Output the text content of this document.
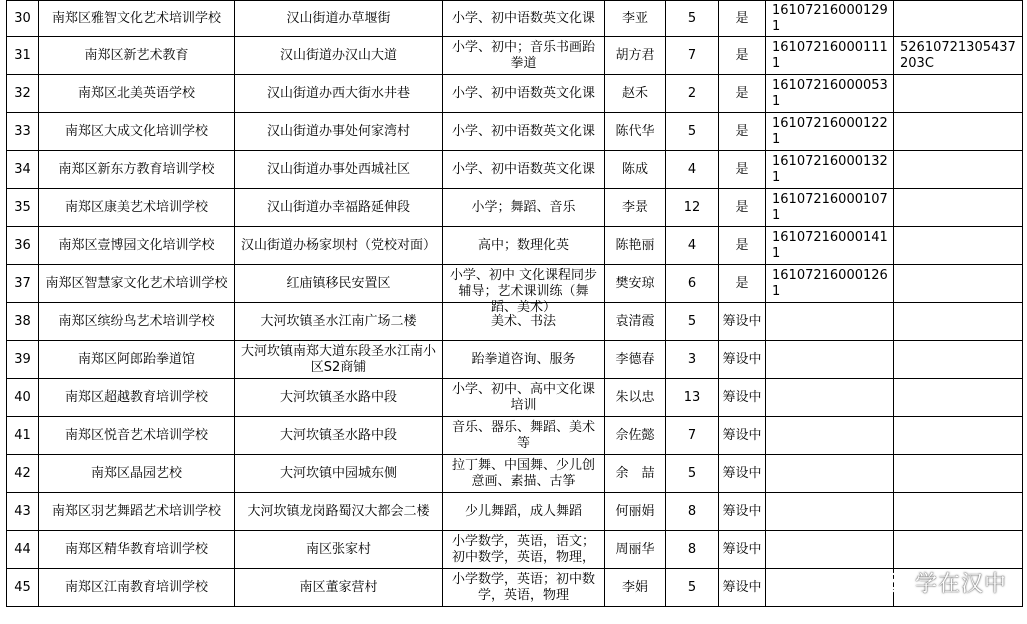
30	南郑区雅智文化艺术培训学校	汉山街道办草堰街	小学、初中语数英文化课	李亚	5	是	161072160001291	
31	南郑区新艺术教育	汉山街道办汉山大道	小学、初中；音乐书画跆拳道	胡方君	7	是	161072160001111	52610721305437203C
32	南郑区北美英语学校	汉山街道办西大街水井巷	小学、初中语数英文化课	赵禾	2	是	161072160000531	
33	南郑区大成文化培训学校	汉山街道办事处何家湾村	小学、初中语数英文化课	陈代华	5	是	161072160001221	
34	南郑区新东方教育培训学校	汉山街道办事处西城社区	小学、初中语数英文化课	陈成	4	是	161072160001321	
35	南郑区康美艺术培训学校	汉山街道办幸福路延伸段	小学；舞蹈、音乐	李景	12	是	161072160001071	
36	南郑区壹博园文化培训学校	汉山街道办杨家坝村（党校对面）	高中；数理化英	陈艳丽	4	是	161072160001411	
37	南郑区智慧家文化艺术培训学校	红庙镇移民安置区	小学、初中 文化课程同步辅导；艺术课训练（舞蹈、美术）	樊安琼	6	是	161072160001261	
38	南郑区缤纷鸟艺术培训学校	大河坎镇圣水江南广场二楼	美术、书法	袁清霞	5	筹设中		
39	南郑区阿郎跆拳道馆	大河坎镇南郑大道东段圣水江南小区S2商铺	跆拳道咨询、服务	李德春	3	筹设中		
40	南郑区超越教育培训学校	大河坎镇圣水路中段	小学、初中、高中文化课培训	朱以忠	13	筹设中		
41	南郑区悦音艺术培训学校	大河坎镇圣水路中段	音乐、器乐、舞蹈、美术等	佘佐懿	7	筹设中		
42	南郑区晶园艺校	大河坎镇中园城东侧	拉丁舞、中国舞、少儿创意画、素描、古筝	余　喆	5	筹设中		
43	南郑区羽艺舞蹈艺术培训学校	大河坎镇龙岗路蜀汉大都会二楼	少儿舞蹈，成人舞蹈	何丽娟	8	筹设中		
44	南郑区精华教育培训学校	南区张家村	小学数学，英语，语文；初中数学，英语，物理，	周丽华	8	筹设中		
45	南郑区江南教育培训学校	南区董家营村	小学数学，英语；初中数学，英语，物理	李娟	5	筹设中			学在汉中
